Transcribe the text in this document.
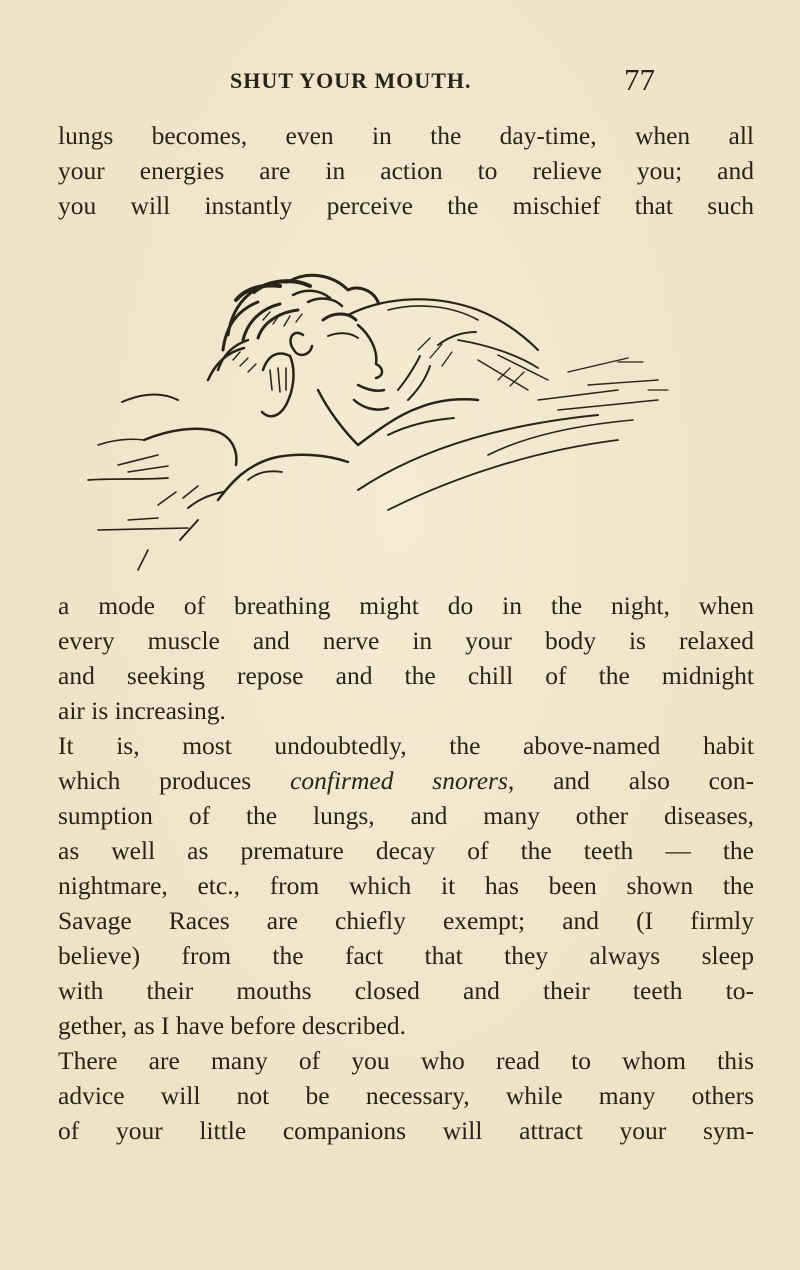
SHUT YOUR MOUTH.	77
lungs becomes, even in the day-time, when all
your energies are in action to relieve you; and
you will instantly perceive the mischief that such
a mode of breathing might do in the night, when
every muscle and nerve in your body is relaxed
and seeking repose and the chill of the midnight
air is increasing.
It is, most undoubtedly, the above-named habit
which produces confirmed snorers, and also con-
sumption of the lungs, and many other diseases,
as well as premature decay of the teeth — the
nightmare, etc., from which it has been shown the
Savage Races are chiefly exempt; and (I firmly
believe) from the fact that they always sleep
with their mouths closed and their teeth to-
gether, as I have before described.
There are many of you who read to whom this
advice will not be necessary, while many others
of your little companions will attract your sym-
